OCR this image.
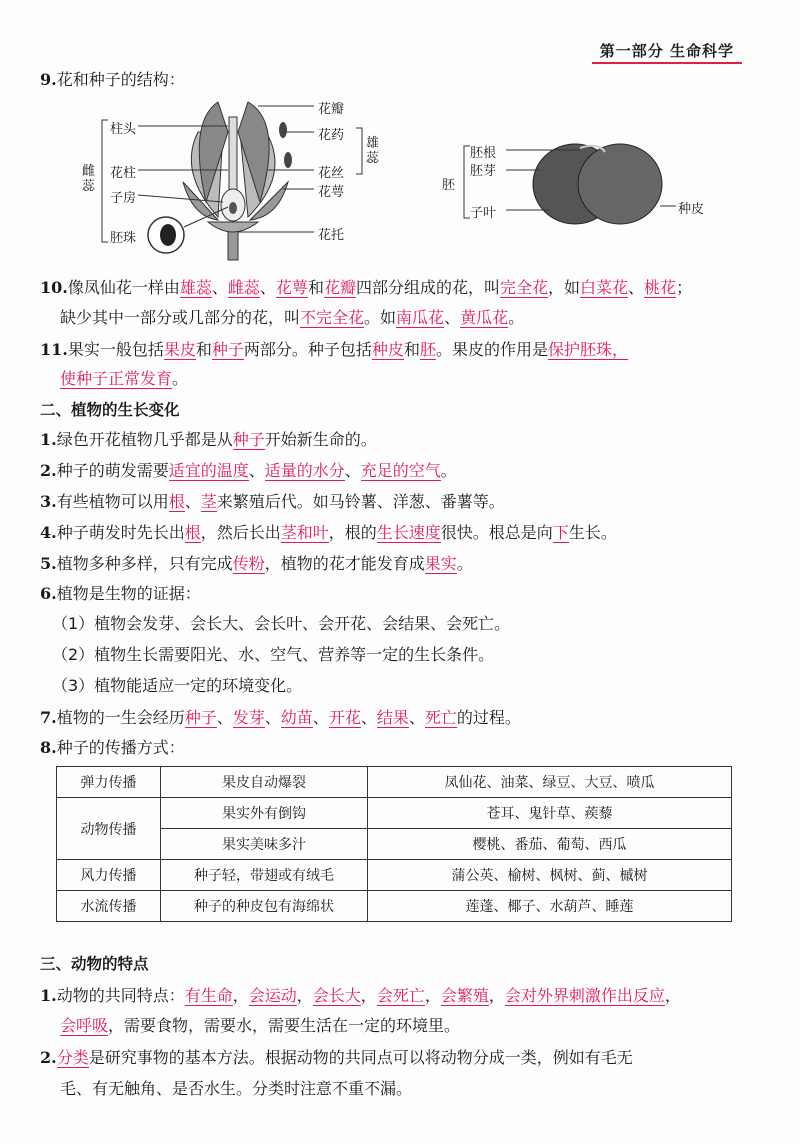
第一部分 生命科学
9.花和种子的结构：
柱头
花柱
子房
胚珠
雌蕊
花瓣
花药
花丝
花萼
花托
雄蕊	胚根
胚芽
子叶
胚
种皮
10.像凤仙花一样由雄蕊、雌蕊、花萼和花瓣四部分组成的花，叫完全花，如白菜花、桃花；
缺少其中一部分或几部分的花，叫不完全花。如南瓜花、黄瓜花。
11.果实一般包括果皮和种子两部分。种子包括种皮和胚。果皮的作用是保护胚珠，
使种子正常发育。
二、植物的生长变化
1.绿色开花植物几乎都是从种子开始新生命的。
2.种子的萌发需要适宜的温度、适量的水分、充足的空气。
3.有些植物可以用根、茎来繁殖后代。如马铃薯、洋葱、番薯等。
4.种子萌发时先长出根，然后长出茎和叶，根的生长速度很快。根总是向下生长。
5.植物多种多样，只有完成传粉，植物的花才能发育成果实。
6.植物是生物的证据：
（1）植物会发芽、会长大、会长叶、会开花、会结果、会死亡。
（2）植物生长需要阳光、水、空气、营养等一定的生长条件。
（3）植物能适应一定的环境变化。
7.植物的一生会经历种子、发芽、幼苗、开花、结果、死亡的过程。
8.种子的传播方式：
弹力传播	果皮自动爆裂	凤仙花、油菜、绿豆、大豆、喷瓜
动物传播	果实外有倒钩	苍耳、鬼针草、蒺藜
	果实美味多汁	樱桃、番茄、葡萄、西瓜
风力传播	种子轻，带翅或有绒毛	蒲公英、榆树、枫树、蓟、槭树
水流传播	种子的种皮包有海绵状	莲蓬、椰子、水葫芦、睡莲
三、动物的特点
1.动物的共同特点：有生命，会运动，会长大，会死亡，会繁殖，会对外界刺激作出反应，
会呼吸，需要食物，需要水，需要生活在一定的环境里。
2.分类是研究事物的基本方法。根据动物的共同点可以将动物分成一类，例如有毛无
毛、有无触角、是否水生。分类时注意不重不漏。
